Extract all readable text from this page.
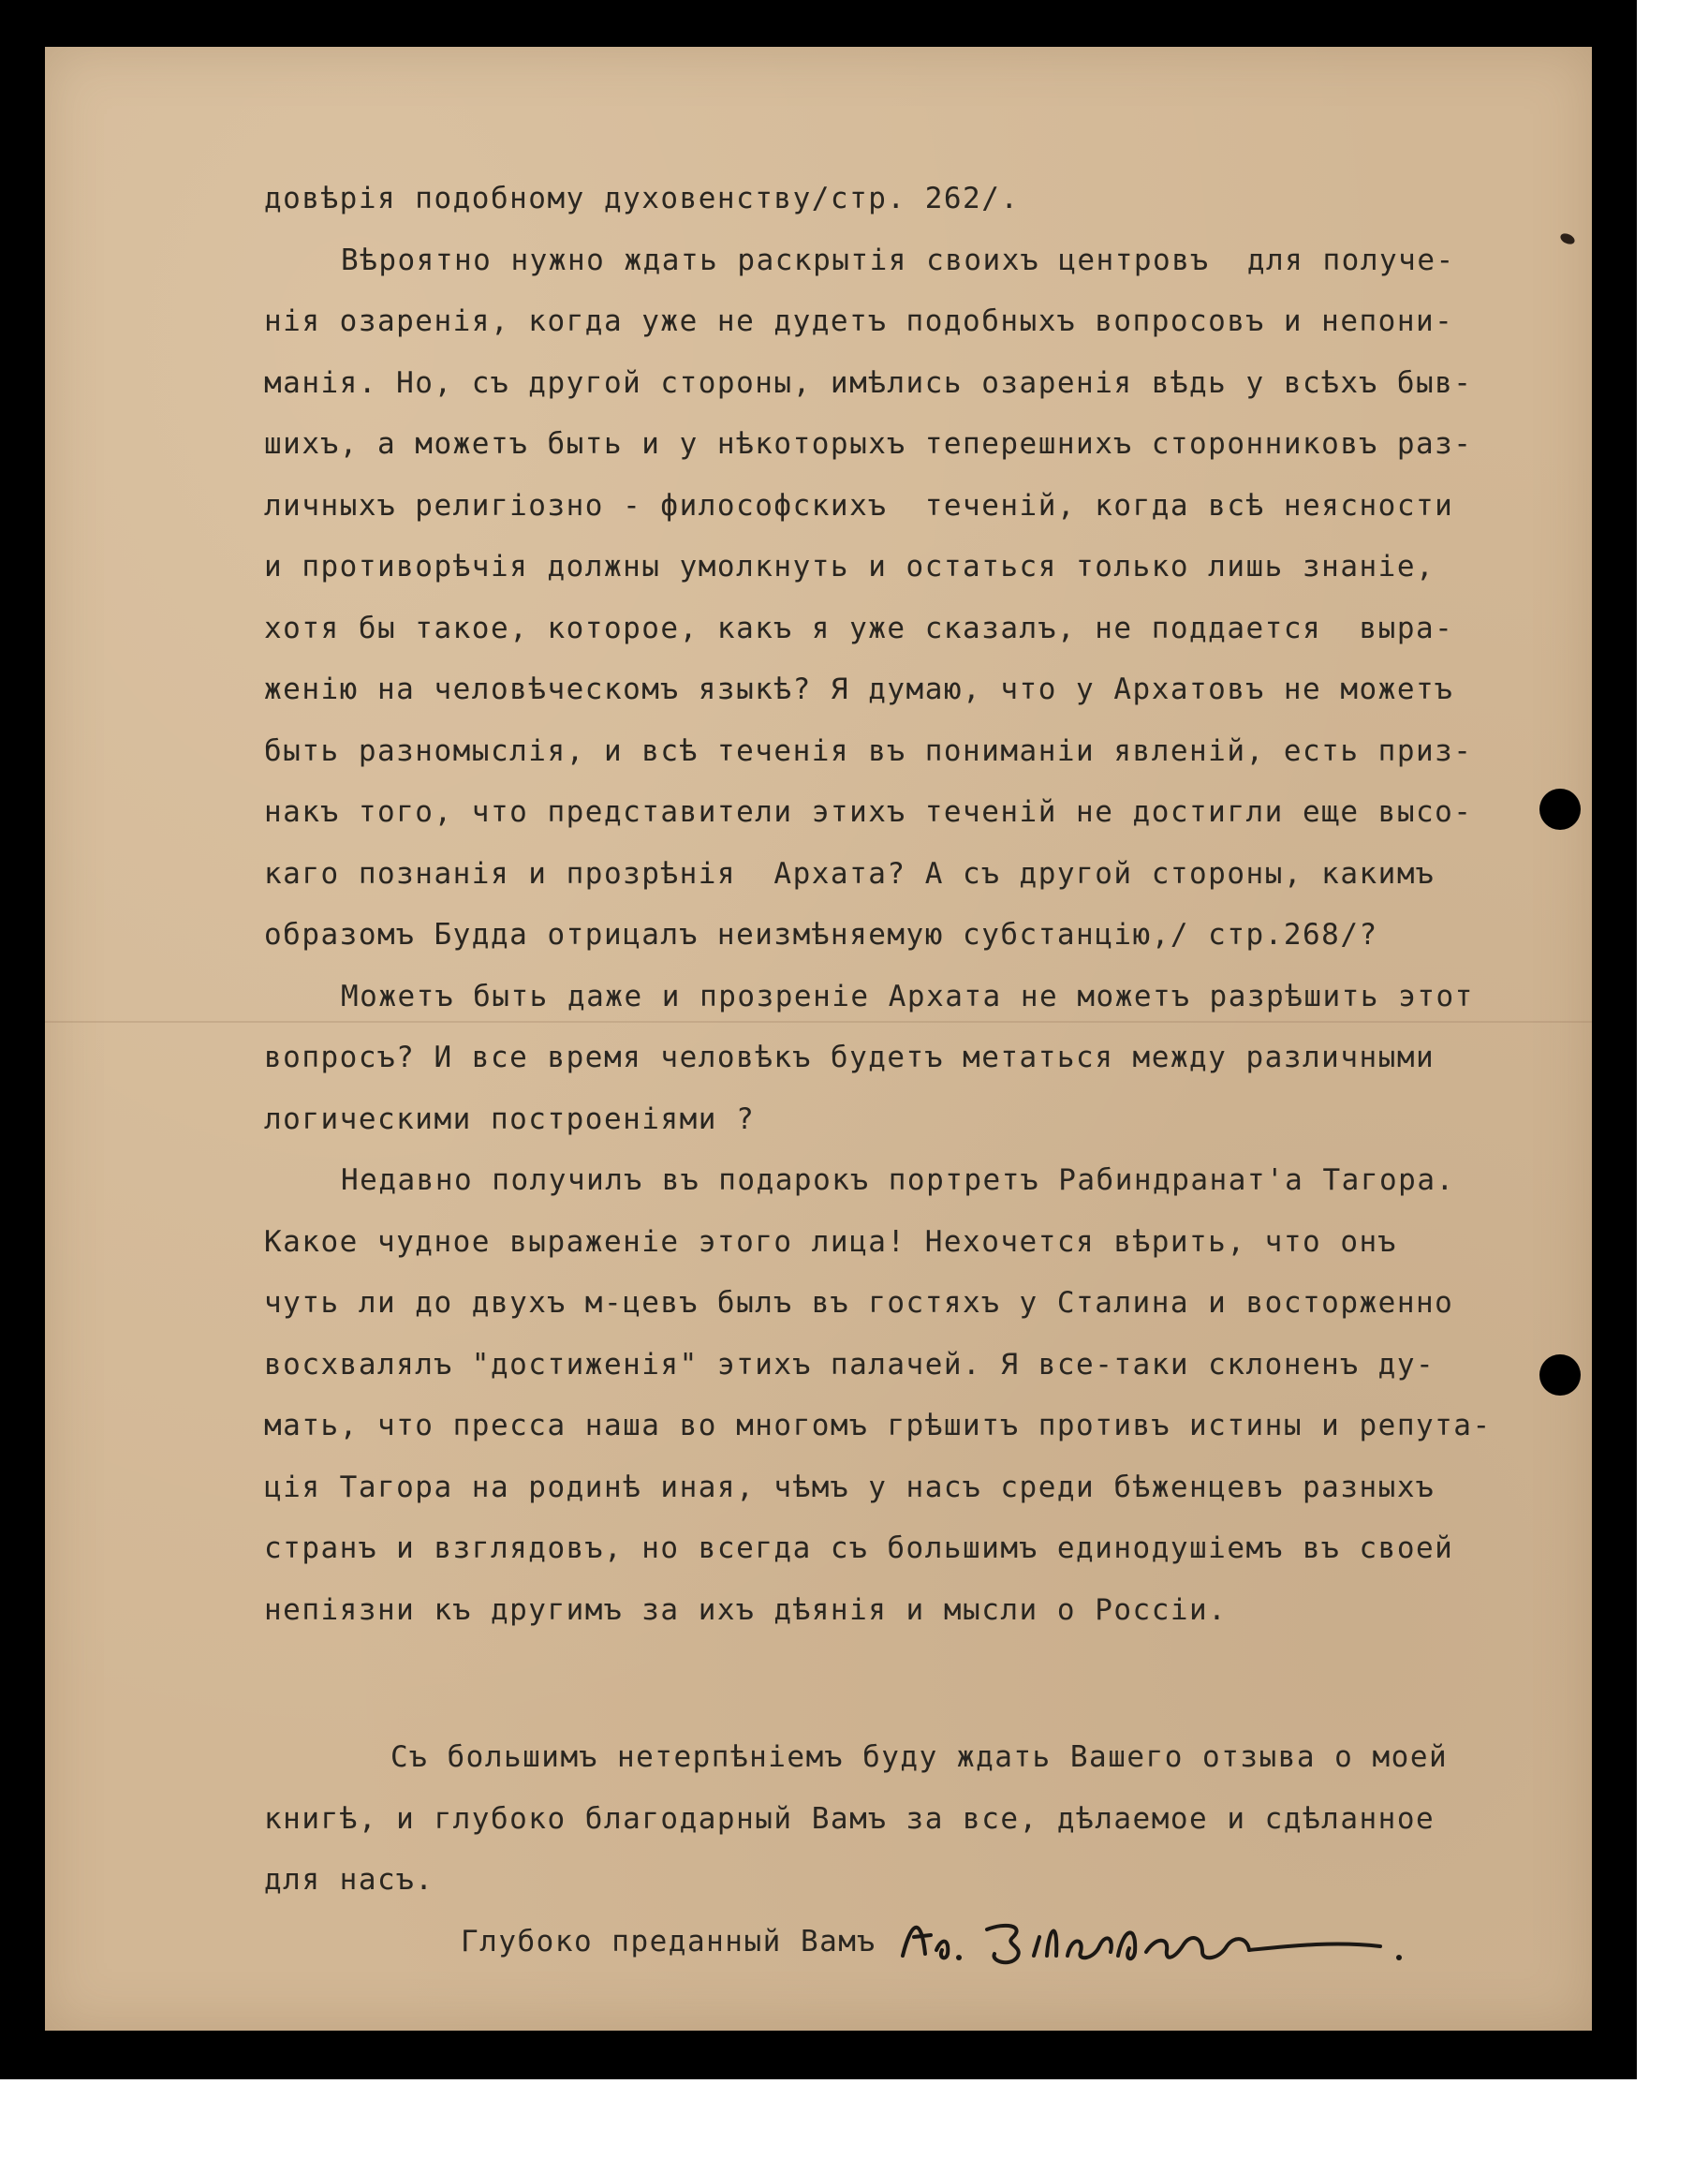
довѣрія подобному духовенству/стр. 262/.
Вѣроятно нужно ждать раскрытія своихъ центровъ  для получе-
нія озаренія, когда уже не дудетъ подобныхъ вопросовъ и непони-
манія. Но, съ другой стороны, имѣлись озаренія вѣдь у всѣхъ быв-
шихъ, а можетъ быть и у нѣкоторыхъ теперешнихъ сторонниковъ раз-
личныхъ религіозно - философскихъ  теченій, когда всѣ неясности
и противорѣчія должны умолкнуть и остаться только лишь знаніе,
хотя бы такое, которое, какъ я уже сказалъ, не поддается  выра-
женію на человѣческомъ языкѣ? Я думаю, что у Архатовъ не можетъ
быть разномыслія, и всѣ теченія въ пониманіи явленій, есть приз-
накъ того, что представители этихъ теченій не достигли еще высо-
каго познанія и прозрѣнія  Архата? А съ другой стороны, какимъ
образомъ Будда отрицалъ неизмѣняемую субстанцію,/ стр.268/?
Можетъ быть даже и прозреніе Архата не можетъ разрѣшить этот
вопросъ? И все время человѣкъ будетъ метаться между различными
логическими построеніями ?
Недавно получилъ въ подарокъ портретъ Рабиндранат'а Тагора.
Какое чудное выраженіе этого лица! Нехочется вѣрить, что онъ
чуть ли до двухъ м-цевъ былъ въ гостяхъ у Сталина и восторженно
восхвалялъ "достиженія" этихъ палачей. Я все-таки склоненъ ду-
мать, что пресса наша во многомъ грѣшитъ противъ истины и репута-
ція Тагора на родинѣ иная, чѣмъ у насъ среди бѣженцевъ разныхъ
странъ и взглядовъ, но всегда съ большимъ единодушіемъ въ своей
непіязни къ другимъ за ихъ дѣянія и мысли о Россіи.
Съ большимъ нетерпѣніемъ буду ждать Вашего отзыва о моей
книгѣ, и глубоко благодарный Вамъ за все, дѣлаемое и сдѣланное
для насъ.
Глубоко преданный Вамъ
